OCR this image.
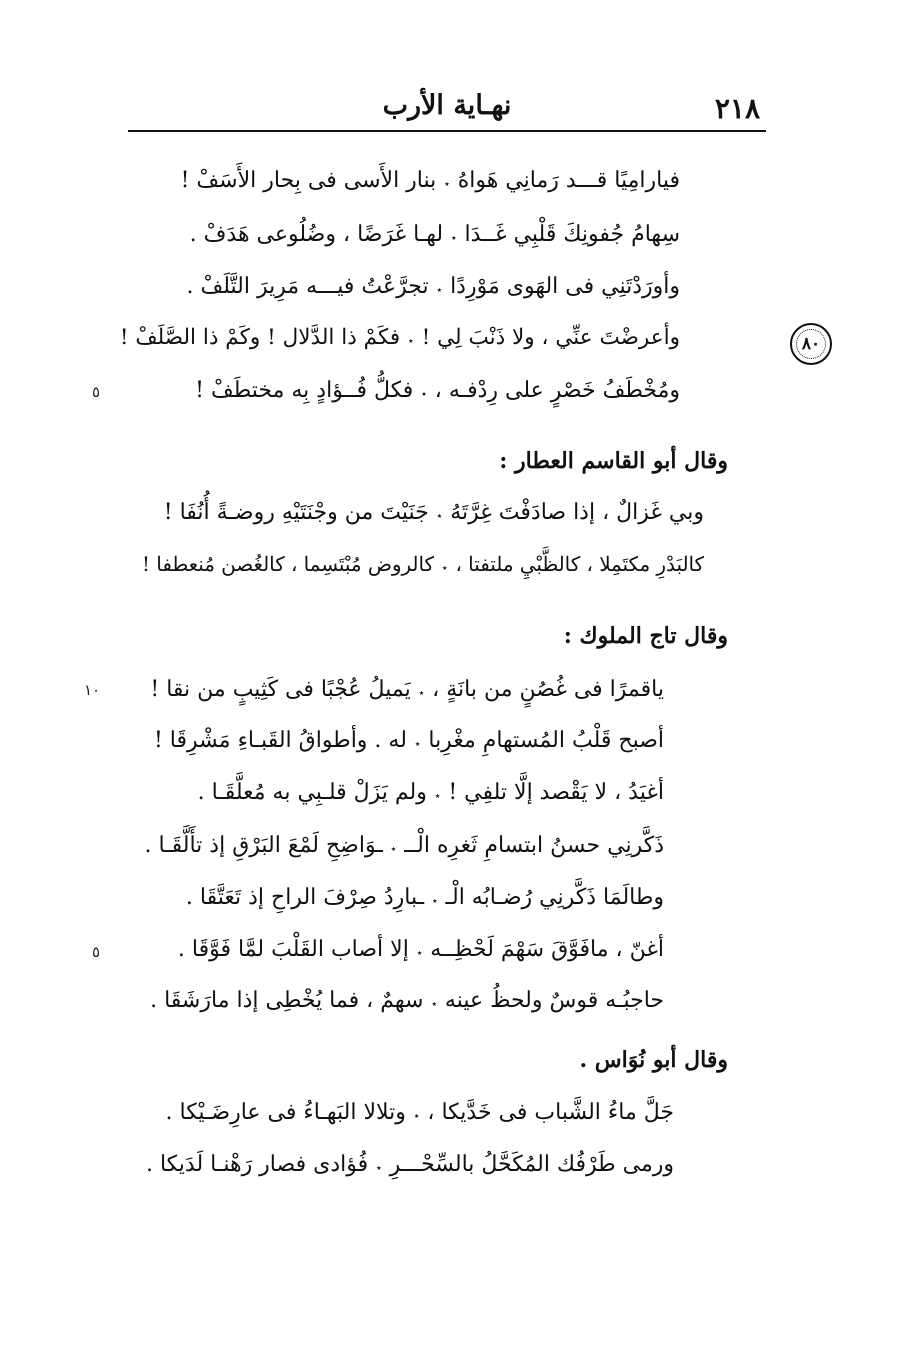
٢١٨
نهـاية الأرب
٨٠
٥
١٠
٥
فيارامِيًا قـــد رَمانِي هَواهُ
٭
بنار الأَسى فى بِحار الأَسَفْ !
سِهامُ جُفونِكَ قَلْبِي غَــدَا
٭
لهـا غَرَضًا ، وضُلُوعى هَدَفْ .
وأورَدْتَنِي فى الهَوى مَوْرِدًا
٭
تجرَّعْتُ فيـــه مَرِيرَ التَّلَفْ .
وأعرضْتَ عنِّي ، ولا ذَنْبَ لِي !
٭
فكَمْ ذا الدَّلال ! وكَمْ ذا الصَّلَفْ !
ومُخْطَفُ خَصْرٍ على رِدْفـه ،
٭
فكلُّ فُــؤادٍ بِه مختطَفْ !
وقال أبو القاسم العطار :
وبي غَزالٌ ، إذا صادَفْتَ غِرَّتَهُ
٭
جَنَيْتَ من وجْنَتَيْهِ روضـةً أُنُفَا !
كالبَدْرِ مكتَمِلا ، كالظَّبْيِ ملتفتا ،
٭
كالروض مُبْتَسِما ، كالغُصن مُنعطفا !
وقال تاج الملوك :
ياقمرًا فى غُصُنٍ من بانَةٍ ،
٭
يَميلُ عُجْبًا فى كَثِيبٍ من نقا !
أصبح قَلْبُ المُستهامِ مغْرِبا
٭
له . وأطواقُ القَبـاءِ مَشْرِقَا !
أغيَدُ ، لا يَقْصد إلَّا تلفِي !
٭
ولم يَزَلْ قلـبِي به مُعلَّقَـا .
ذَكَّرنِي حسنُ ابتسامِ ثَغرِه الْــ
٭
ـوَاضِحِ لَمْعَ البَرْقِ إذ تأَلَّقَـا .
وطالَمَا ذَكَّرنِي رُضـابُه الْـ
٭
ـبارِدُ صِرْفَ الراحِ إذ تَعَتَّقَا .
أغنّ ، مافَوَّقَ سَهْمَ لَحْظِــه
٭
إلا أصاب القَلْبَ لمَّا فَوَّقَا .
حاجبُـه قوسٌ ولحظُ عينه
٭
سهمٌ ، فما يُخْطِى إذا مارَشَقَا .
وقال أبو نُوَاس .
جَلَّ ماءُ الشَّباب فى خَدَّيكا ،
٭
وتلالا البَهـاءُ فى عارِضَـيْكا .
ورمى طَرْفُك المُكَحَّلُ بالسِّحْـــرِ
٭
فُؤادى فصار رَهْنـا لَدَيكا .
